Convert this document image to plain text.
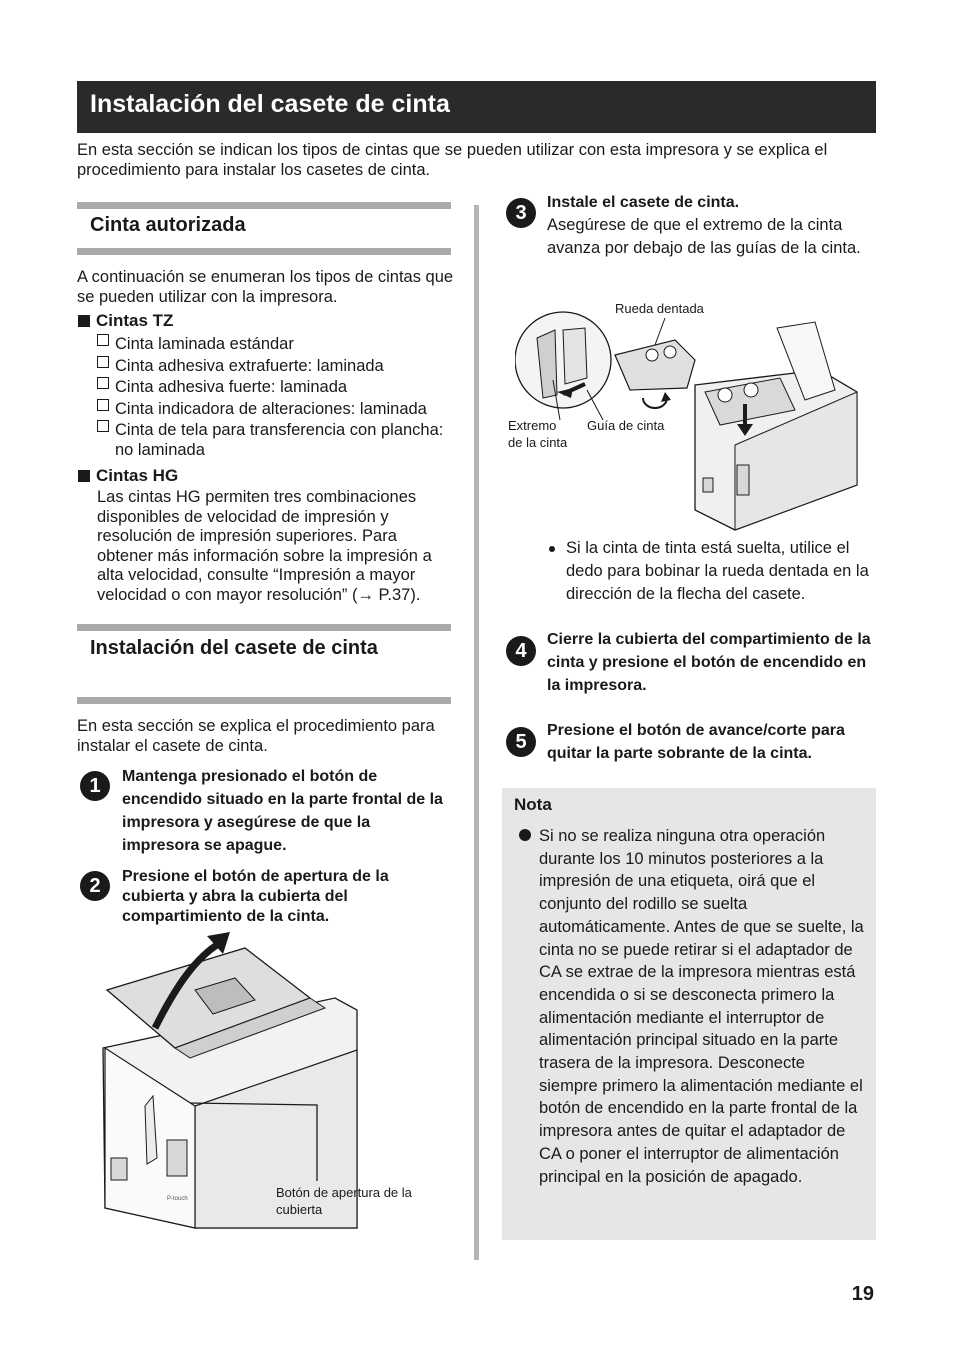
Instalación del casete de cinta
En esta sección se indican los tipos de cintas que se pueden utilizar con esta impresora y se explica el procedimiento para instalar los casetes de cinta.
Cinta autorizada
A continuación se enumeran los tipos de cintas que se pueden utilizar con la impresora.
Cintas TZ
Cinta laminada estándar
Cinta adhesiva extrafuerte: laminada
Cinta adhesiva fuerte: laminada
Cinta indicadora de alteraciones: laminada
Cinta de tela para transferencia con plancha: no laminada
Cintas HG
Las cintas HG permiten tres combinaciones disponibles de velocidad de impresión y resolución de impresión superiores. Para obtener más información sobre la impresión a alta velocidad, consulte “Impresión a mayor velocidad o con mayor resolución” (→ P.37).
Instalación del casete de cinta
En esta sección se explica el procedimiento para instalar el casete de cinta.
1	Mantenga presionado el botón de encendido situado en la parte frontal de la impresora y asegúrese de que la impresora se apague.
2	Presione el botón de apertura de la cubierta y abra la cubierta del compartimiento de la cinta.
P-touch	Botón de apertura de la cubierta
3	Instale el casete de cinta.
Asegúrese de que el extremo de la cinta avanza por debajo de las guías de la cinta.
Rueda dentada
Extremo de la cinta
Guía de cinta
Si la cinta de tinta está suelta, utilice el dedo para bobinar la rueda dentada en la dirección de la flecha del casete.
4	Cierre la cubierta del compartimiento de la cinta y presione el botón de encendido en la impresora.
5	Presione el botón de avance/corte para quitar la parte sobrante de la cinta.
Nota
Si no se realiza ninguna otra operación durante los 10 minutos posteriores a la impresión de una etiqueta, oirá que el conjunto del rodillo se suelta automáticamente. Antes de que se suelte, la cinta no se puede retirar si el adaptador de CA se extrae de la impresora mientras está encendida o si se desconecta primero la alimentación mediante el interruptor de alimentación principal situado en la parte trasera de la impresora. Desconecte siempre primero la alimentación mediante el botón de encendido en la parte frontal de la impresora antes de quitar el adaptador de CA o poner el interruptor de alimentación principal en la posición de apagado.
19
